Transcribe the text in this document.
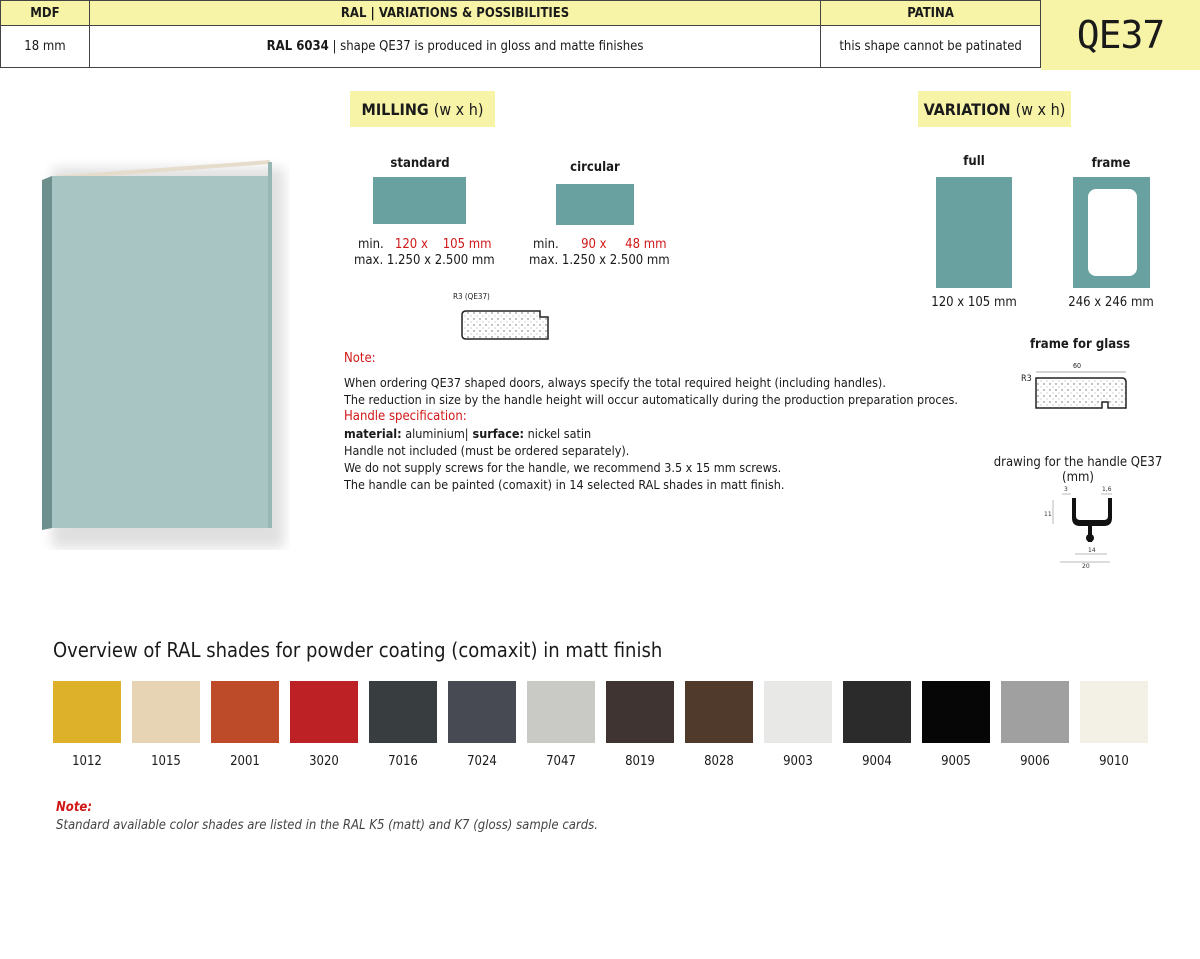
MDF	RAL | VARIATIONS & POSSIBILITIES	PATINA
18 mm	RAL 6034 | shape QE37 is produced in gloss and matte finishes	this shape cannot be patinated	QE37
MILLING (w x h)
standard
min. 120 x    105 mm
max. 1.250 x 2.500 mm
circular
min. 90 x     48 mm
max. 1.250 x 2.500 mm
R3 (QE37)
Note:
When ordering QE37 shaped doors, always specify the total required height (including handles).
The reduction in size by the handle height will occur automatically during the production preparation proces.
Handle specification:
material: aluminium| surface: nickel satin
Handle not included (must be ordered separately).
We do not supply screws for the handle, we recommend 3.5 x 15 mm screws.
The handle can be painted (comaxit) in 14 selected RAL shades in matt finish.
VARIATION (w x h)
full
120 x 105 mm
frame
246 x 246 mm
frame for glass
R3
60
drawing for the handle QE37 (mm)
3	1,6
11
14
20
Overview of RAL shades for powder coating (comaxit) in matt finish
1012	1015	2001	3020	7016	7024	7047	8019	8028	9003	9004	9005	9006	9010
Note:
Standard available color shades are listed in the RAL K5 (matt) and K7 (gloss) sample cards.
